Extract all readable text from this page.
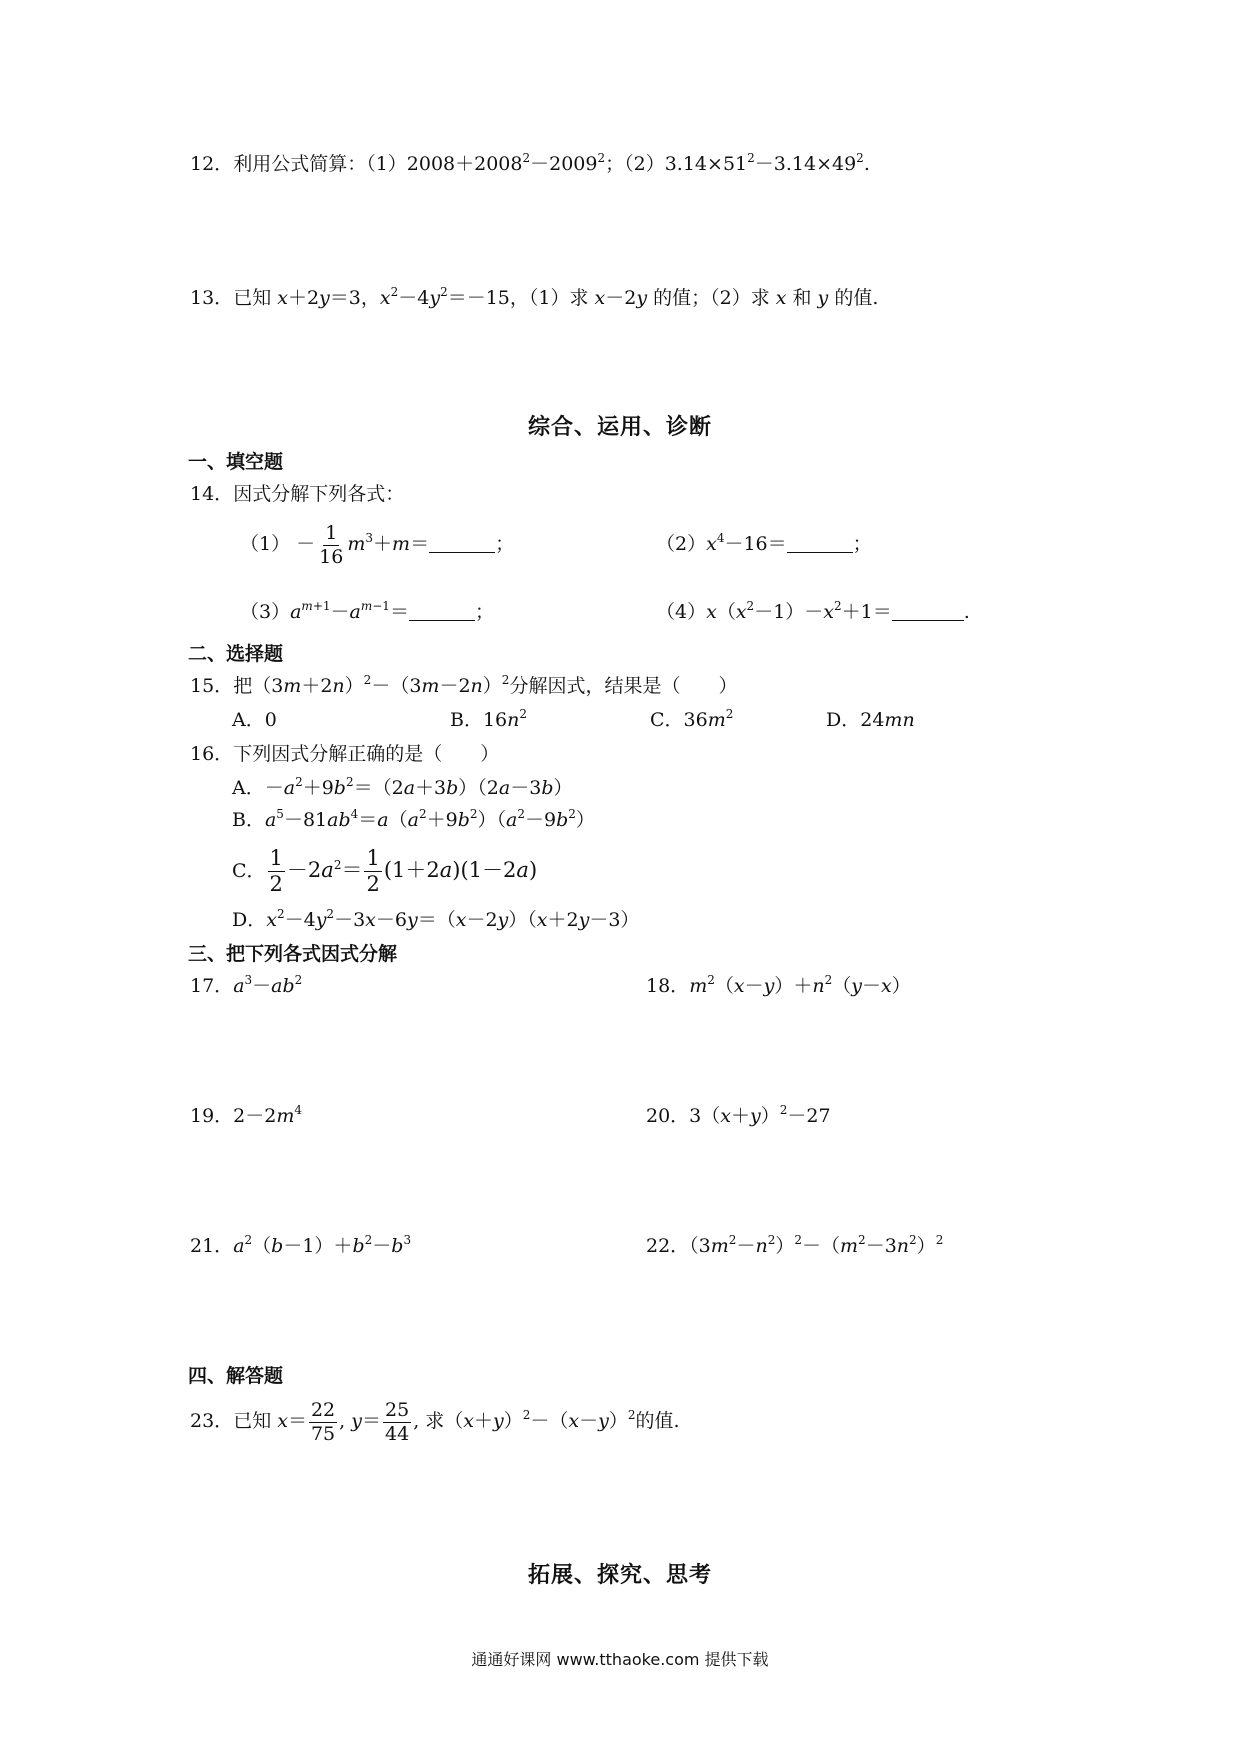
12．利用公式简算：$(1)2008+2008^2-2009^2$；$(2)3.14\times 51^2-3.14\times 49^2$.
13．已知 x＋2y＝3，$x^2-4y^2=-15$，（1）求 x－2y 的值；（2）求 x 和 y 的值.
综合、运用、诊断
一、填空题
14．因式分解下列各式：
$(1) - \frac{1}{16} m^3+m=$	；	$(2)x^4-16=$	；
$(3)a^{m+1}-a^{m-1}=$	；	$(4)x(x^2-1)-x^2+1=$	.
二、选择题
15．把$(3m+2n)^2-(3m-2n)^2$分解因式，结果是（　　）
A．0	B．$16n^2$	C．$36m^2$	D．24mn
16．下列因式分解正确的是（　　）
A．$-a^2+9b^2=(2a+3b)(2a-3b)$
B．$a^5-81ab^4=a(a^2+9b^2)(a^2-9b^2)$
C． $\frac{1}{2} -2a^2= \frac{1}{2} (1+2a)(1-2a)$
D．$x^2-4y^2-3x-6y=(x-2y)(x+2y-3)$
三、把下列各式因式分解
17．$a^3-ab^2$	18．$m^2(x-y)+n^2(y-x)$
19．$2-2m^4$	20．$3(x+y)^2-27$
21．$a^2(b-1)+b^2-b^3$	22．$(3m^2-n^2)^2-(m^2-3n^2)^2$
四、解答题
23．已知 $x= \frac{22}{75}$ , $y= \frac{25}{44}$ , 求$(x+y)^2-(x-y)^2$的值.
拓展、探究、思考
通通好课网 www.tthaoke.com 提供下载
